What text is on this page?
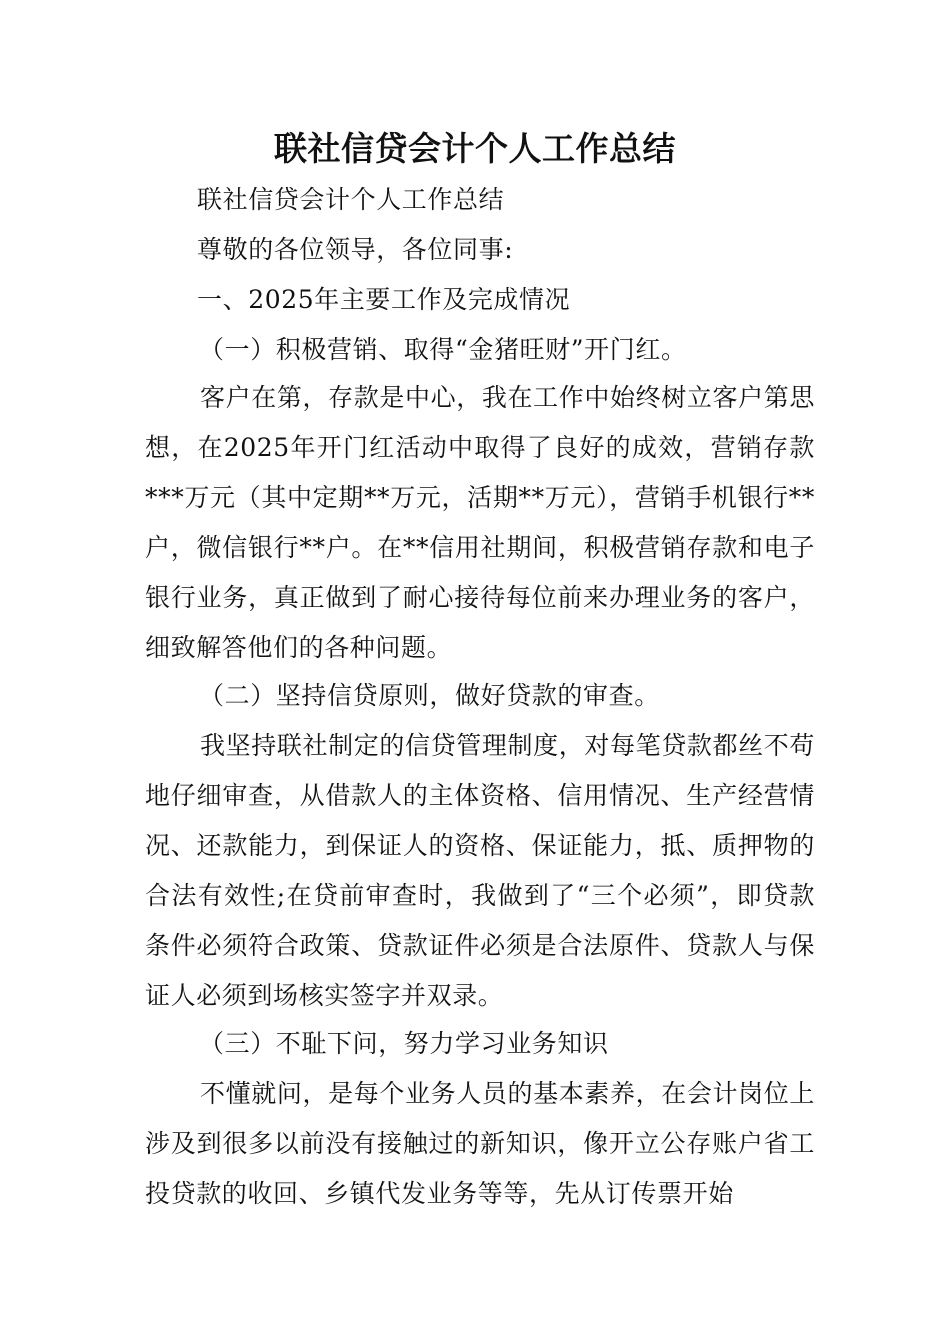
联社信贷会计个人工作总结
联社信贷会计个人工作总结
尊敬的各位领导，各位同事:
一、2025年主要工作及完成情况
（一）积极营销、取得“金猪旺财”开门红。
客户在第，存款是中心，我在工作中始终树立客户第思想，在2025年开门红活动中取得了良好的成效，营销存款***万元（其中定期**万元，活期**万元），营销手机银行**户，微信银行**户。在**信用社期间，积极营销存款和电子银行业务，真正做到了耐心接待每位前来办理业务的客户，细致解答他们的各种问题。
（二）坚持信贷原则，做好贷款的审查。
我坚持联社制定的信贷管理制度，对每笔贷款都丝不苟地仔细审查，从借款人的主体资格、信用情况、生产经营情况、还款能力，到保证人的资格、保证能力，抵、质押物的合法有效性;在贷前审查时，我做到了“三个必须”，即贷款条件必须符合政策、贷款证件必须是合法原件、贷款人与保证人必须到场核实签字并双录。
（三）不耻下问，努力学习业务知识
不懂就问，是每个业务人员的基本素养，在会计岗位上涉及到很多以前没有接触过的新知识，像开立公存账户省工投贷款的收回、乡镇代发业务等等，先从订传票开始
